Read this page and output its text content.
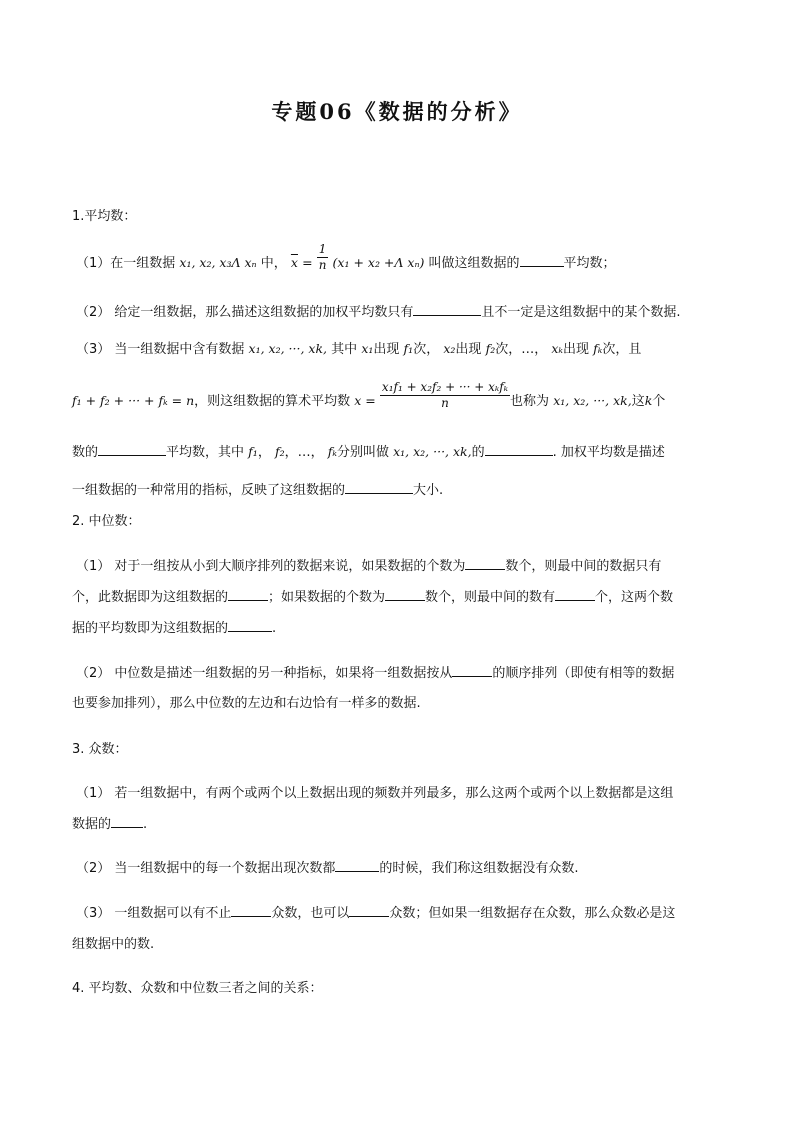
专题06《数据的分析》
1.平均数：
（1）在一组数据 x₁, x₂, x₃Λ xₙ 中， $\overline{x} = \frac{1}{n} (x_1 + x_2 +\Lambda$ xₙ) 叫做这组数据的	平均数；
（2） 给定一组数据，那么描述这组数据的加权平均数只有	且不一定是这组数据中的某个数据.
（3） 当一组数据中含有数据 x₁, x₂, ···, xk, 其中 x₁出现 f₁次， x₂出现 f₂次，…， xₖ出现 fₖ次，且
f₁ + f₂ + ··· + fₖ = n，则这组数据的算术平均数 $x = \frac{\text{x₁f₁ + x₂f₂ + ··· + xₖfₖ}}{n}$ 也称为 x₁, x₂, ···, xk,这k个
数的	平均数，其中 f₁， f₂，…， fₖ分别叫做 x₁, x₂, ···, xk,的	. 加权平均数是描述
一组数据的一种常用的指标，反映了这组数据的	大小.
2. 中位数：
（1） 对于一组按从小到大顺序排列的数据来说，如果数据的个数为	数个，则最中间的数据只有
个，此数据即为这组数据的	；如果数据的个数为	数个，则最中间的数有	个，这两个数
据的平均数即为这组数据的	.
（2） 中位数是描述一组数据的另一种指标，如果将一组数据按从	的顺序排列（即使有相等的数据
也要参加排列），那么中位数的左边和右边恰有一样多的数据.
3. 众数：
（1） 若一组数据中，有两个或两个以上数据出现的频数并列最多，那么这两个或两个以上数据都是这组
数据的 .
（2） 当一组数据中的每一个数据出现次数都	的时候，我们称这组数据没有众数.
（3） 一组数据可以有不止	众数，也可以	众数；但如果一组数据存在众数，那么众数必是这
组数据中的数.
4. 平均数、众数和中位数三者之间的关系：
